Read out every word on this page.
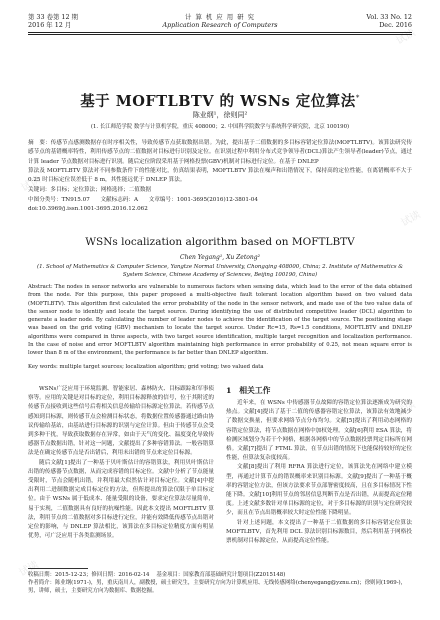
试读
试读
试读
试读
试读
第 33 卷第 12 期
2016 年 12 月
计 算 机 应 用 研 究
Application Research of Computers
Vol. 33 No. 12
Dec. 2016
基于 MOFTLBTV 的 WSNs 定位算法*
陈业纲¹，徐则同²
(1. 长江师范学院 数学与计算机学院，重庆 408000；2. 中国科学院数学与系统科学研究院，北京 100190)
摘　要：传感节点感测数据存在时序相关性，导致传感节点获取数据出错。为此，提出基于二值数据的多目标容错定位算法(MOFTLBTV)。该算法研究传感节点的基错概率特性，利用传感节点的二值数据对目标进行识别及定位。在识别过程中利用分布式竞争领导者(DCL)算法产生领导者(leader)节点，通过计算 leader 节点数据对目标进行识别。随后定位阶段采用基于网格投票(GBV)机制对目标进行定位。在基于 DNLEP
算法及 MOFTLBTV 算法对不同参数条件下的性能对比，仿真结果表明，MOFTLBTV 算法在噪声和出错情况下，保持高的定位性能，在离错概率不大于 0.25 时目标定位误差低于 8 m，其性能远优于 DNLEP 算法。
关键词：多目标；定位算法；网格选择；二值数据
中图分类号：TN915.07 文献标志码：A 文章编号：1001-3695(2016)12-3801-04
doi:10.3969/j.issn.1001-3695.2016.12.062
WSNs localization algorithm based on MOFTLBTV
Chen Yegang¹, Xu Zetong²
(1. School of Mathematics & Computer Science, Yangtze Normal University, Chongqing 408000, China; 2. Institute of Mathematics & System Science, Chinese Academy of Sciences, Beijing 100190, China)
Abstract: The nodes in sensor networks are vulnerable to numerous factors when sensing data, which lead to the error of the data obtained from the node. For this purpose, this paper proposed a multi-objective fault tolerant location algorithm based on two valued data (MOFTLBTV). This algorithm first calculated the error probability of the node in the sensor network, and made use of the two value data of the sensor node to identify and locate the target source. During identifying the use of distributed competitive leader (DCL) algorithm to generate a leader node. By calculating the number of leader nodes to achieve the identification of the target source. The positioning stage was based on the grid voting (GBV) mechanism to locate the target source. Under Rc=15, Rs=1.5 conditions, MOFTLBTV and DNLEP algorithms were compared in three aspects, with two target source identification, multiple target recognition and localization performance. In the case of noise and error MOFTLBTV algorithm maintaining high performance in error probability of 0.25, not mean square error is lower than 8 m of the environment, the performance is far better than DNLEP algorithm.
Key words: multiple target sources; localization algorithm; grid voting; two valued data

WSNs广泛应用于环境监测、智能家居、森林防火、目标跟踪和军事侦察等。应用的关键是对目标的定位，利用目标源释放的信号，位于其附近的传感节点接收到这些信号后将相关信息传输给目标源定位算法。若传感节点感知到目标源，则传感节点会检测目标状态，将数据位置传感器通过路由协议传输给基站，由基站进行目标源的识别与定位计算。但由于传感节点会受到多种干扰，导致获取数据存在异常，如由于天气的变化、温度变化导致传感器节点数据出错，针对这一问题，文献提出了多种容错算法。一般容错算法是在确定传感节点是否出错后，利用未出错的节点来定位目标源。

随后文献[1]提出了一种基于贝叶斯估计的容错算法，利用贝叶斯估计出错的传感器节点数据，从而完成容错的目标定位。文献中分析了节点能量受限时，节点会随机出错，并利用最大似然估计对目标定位。文献[4]中提出利用二进制数据完成目标定位的方法，但所提出的算法仅限于单目标定位。由于 WSNs 属于低成本、能量受限的设备，要求定位算法尽量简单，易于实现，二值数据具有良好的抗噪性能。因此本文提出 MOFTLBTV 算法，利用节点的二值数据对多目标进行定位，并能有效降低传感节点出错对定位的影响，与 DNLEP 算法相比，该算法在多目标定位精度方面有明显优势，可广泛应用于各类监测场景。

1　相关工作

近年来，在 WSNs 中传感器节点故障的容错定位算法逐渐成为研究的热点。文献[4]提出了基于二值的传感器容错定位算法，该算法有效地减少了数据交换量，但要求网络节点分布均匀。文献[5]提出了利用动态网格的容错定位算法，将节点数据在网格中加权处理。文献[6]利用 ESA 算法，将检测区域划分为若干个网格，根据各网格中的节点数据投票判定目标所在网格。文献[7]提出了 FTML 算法，在节点出错的情况下也能保持较好的定位性能，但算法复杂度较高。

文献[8]提出了利用 RFRA 算法进行定位，该算法先在网络中建立模型，再通过计算节点的错误概率来识别目标源。文献[9]提出了一种基于概率的容错定位方法，但该方法要求节点部署密度较高，且在多目标情况下性能下降。文献[10]利用节点的邻居信息判断节点是否出错，从而提高定位精度。上述文献多数针对单目标源的定位，对于多目标源的识别与定位研究较少，而且在节点出错概率较大时定位性能下降明显。

针对上述问题，本文提出了一种基于二值数据的多目标容错定位算法 MOFTLBTV，首先利用 DCL 算法识别目标源数目，然后利用基于网格投票机制对目标源定位，从而提高定位性能。

收稿日期：2015-12-23；修回日期：2016-02-14 基金项目：国家教育部基础研究计划项目(Z2015148)
作者简介：陈业纲(1971-)，男，重庆南川人，副教授，硕士研究生，主要研究方向为计算机应用、无线传感网络(chenyegang@yznu.cn)；徐则同(1969-)，男，讲师，硕士，主要研究方向为数据库、数据挖掘。
